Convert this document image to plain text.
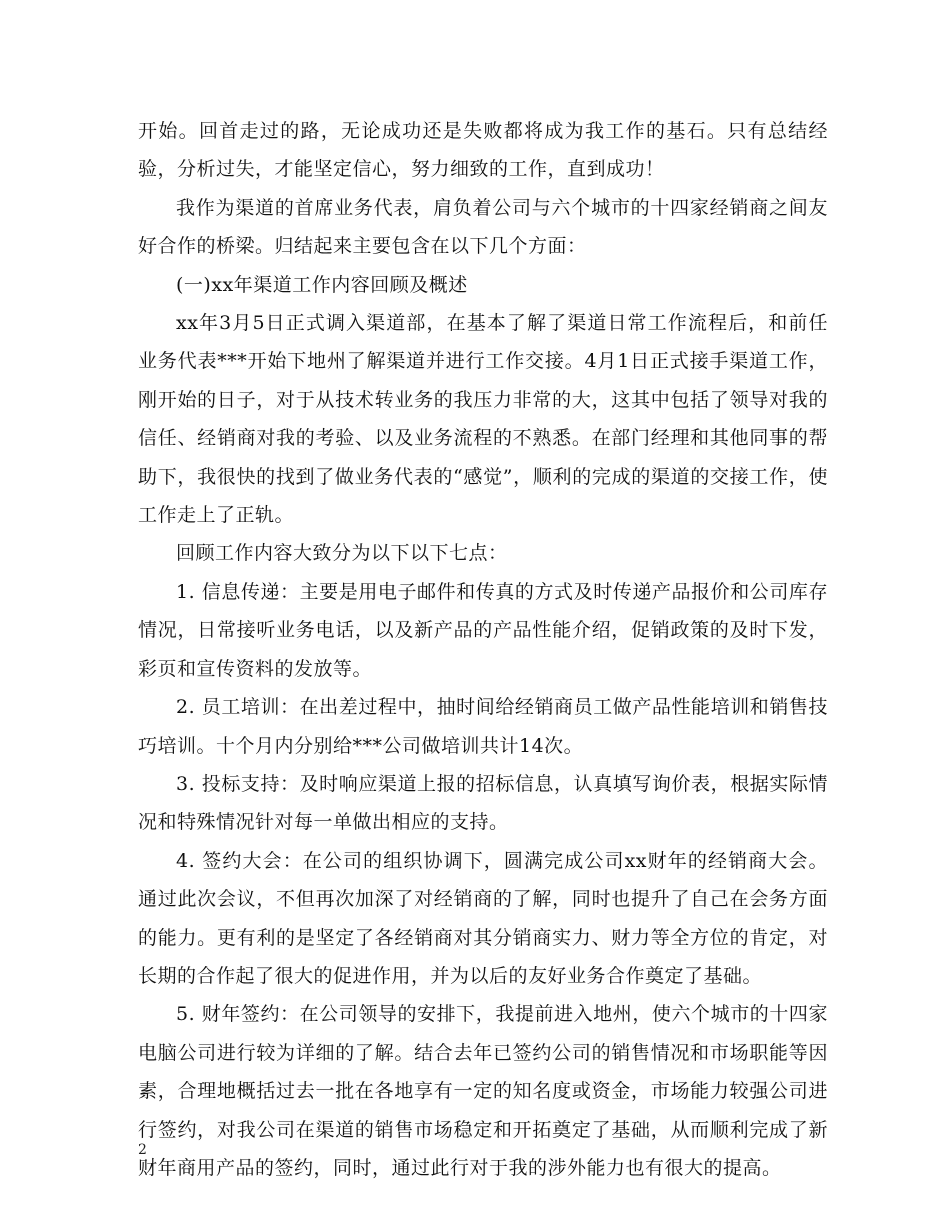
开始。回首走过的路，无论成功还是失败都将成为我工作的基石。只有总结经验，分析过失，才能坚定信心，努力细致的工作，直到成功！

我作为渠道的首席业务代表，肩负着公司与六个城市的十四家经销商之间友好合作的桥梁。归结起来主要包含在以下几个方面：

(一)xx年渠道工作内容回顾及概述

xx年3月5日正式调入渠道部，在基本了解了渠道日常工作流程后，和前任业务代表***开始下地州了解渠道并进行工作交接。4月1日正式接手渠道工作，刚开始的日子，对于从技术转业务的我压力非常的大，这其中包括了领导对我的信任、经销商对我的考验、以及业务流程的不熟悉。在部门经理和其他同事的帮助下，我很快的找到了做业务代表的“感觉”，顺利的完成的渠道的交接工作，使工作走上了正轨。

回顾工作内容大致分为以下以下七点：

1. 信息传递：主要是用电子邮件和传真的方式及时传递产品报价和公司库存情况，日常接听业务电话，以及新产品的产品性能介绍，促销政策的及时下发，彩页和宣传资料的发放等。

2. 员工培训：在出差过程中，抽时间给经销商员工做产品性能培训和销售技巧培训。十个月内分别给***公司做培训共计14次。

3. 投标支持：及时响应渠道上报的招标信息，认真填写询价表，根据实际情况和特殊情况针对每一单做出相应的支持。

4. 签约大会：在公司的组织协调下，圆满完成公司xx财年的经销商大会。通过此次会议，不但再次加深了对经销商的了解，同时也提升了自己在会务方面的能力。更有利的是坚定了各经销商对其分销商实力、财力等全方位的肯定，对长期的合作起了很大的促进作用，并为以后的友好业务合作奠定了基础。

5. 财年签约：在公司领导的安排下，我提前进入地州，使六个城市的十四家电脑公司进行较为详细的了解。结合去年已签约公司的销售情况和市场职能等因素，合理地概括过去一批在各地享有一定的知名度或资金，市场能力较强公司进行签约，对我公司在渠道的销售市场稳定和开拓奠定了基础，从而顺利完成了新财年商用产品的签约，同时，通过此行对于我的涉外能力也有很大的提高。

2
